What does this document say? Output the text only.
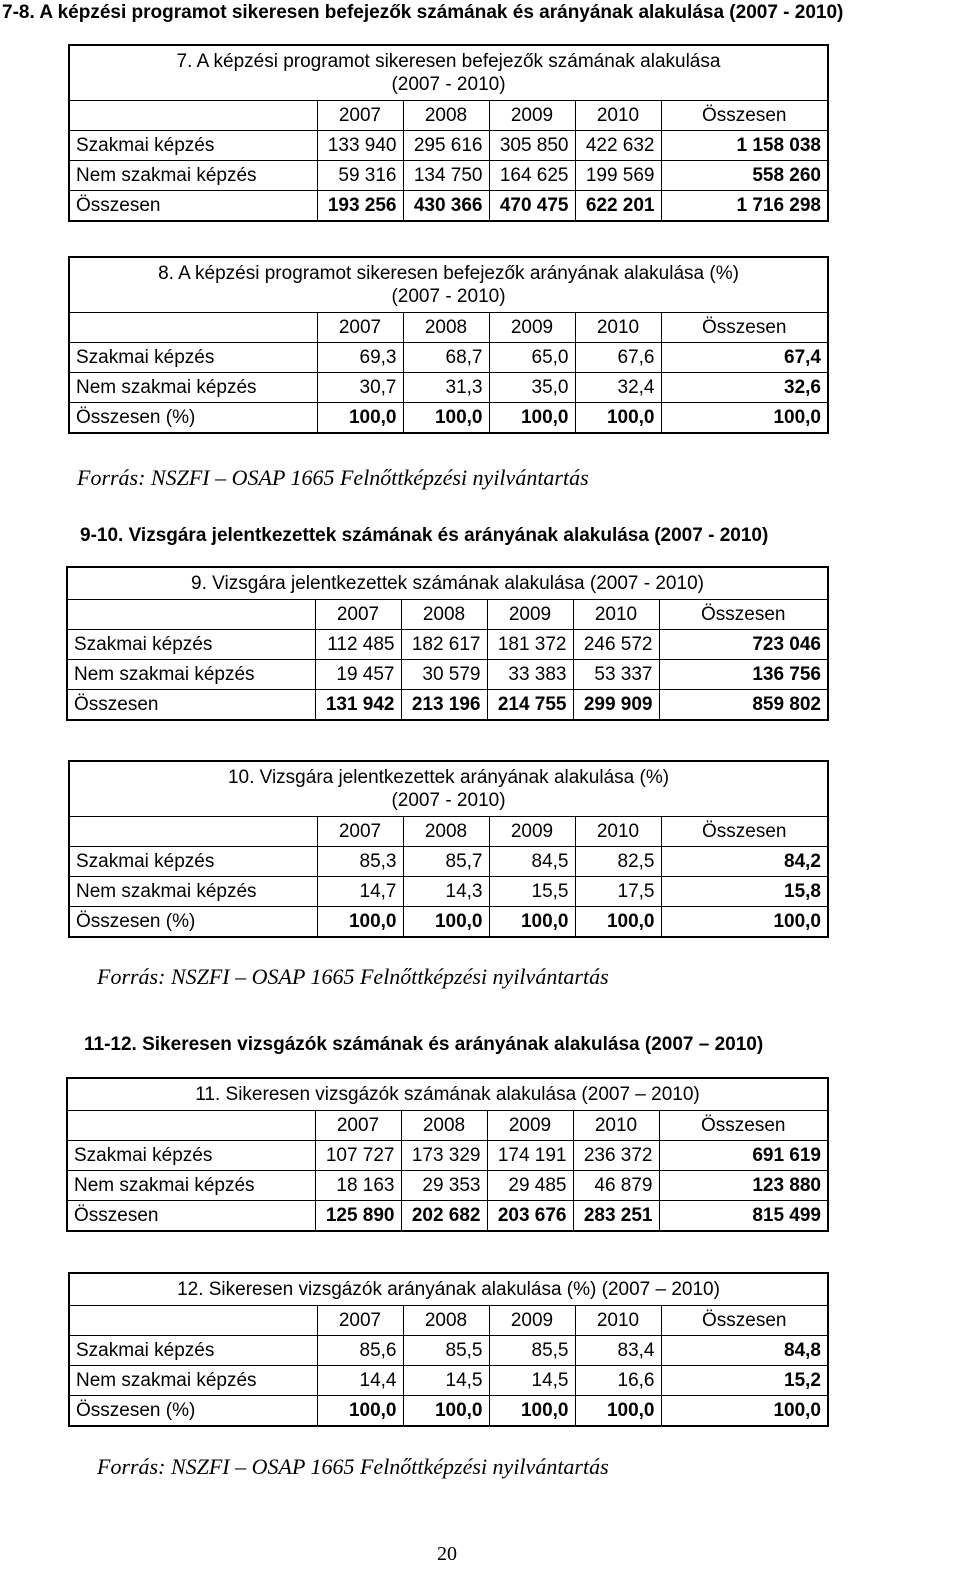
7-8. A képzési programot sikeresen befejezők számának és arányának alakulása (2007 - 2010)
7. A képzési programot sikeresen befejezők számának alakulása
(2007 - 2010)					

	2007	2008	2009	2010	Összesen
Szakmai képzés	133 940	295 616	305 850	422 632	1 158 038
Nem szakmai képzés	59 316	134 750	164 625	199 569	558 260
Összesen	193 256	430 366	470 475	622 201	1 716 298
8. A képzési programot sikeresen befejezők arányának alakulása (%)
(2007 - 2010)					

	2007	2008	2009	2010	Összesen
Szakmai képzés	69,3	68,7	65,0	67,6	67,4
Nem szakmai képzés	30,7	31,3	35,0	32,4	32,6
Összesen (%)	100,0	100,0	100,0	100,0	100,0
Forrás: NSZFI – OSAP 1665 Felnőttképzési nyilvántartás
9-10. Vizsgára jelentkezettek számának és arányának alakulása (2007 - 2010)
9. Vizsgára jelentkezettek számának alakulása (2007 - 2010)					

	2007	2008	2009	2010	Összesen
Szakmai képzés	112 485	182 617	181 372	246 572	723 046
Nem szakmai képzés	19 457	30 579	33 383	53 337	136 756
Összesen	131 942	213 196	214 755	299 909	859 802
10. Vizsgára jelentkezettek arányának alakulása (%)
(2007 - 2010)					

	2007	2008	2009	2010	Összesen
Szakmai képzés	85,3	85,7	84,5	82,5	84,2
Nem szakmai képzés	14,7	14,3	15,5	17,5	15,8
Összesen (%)	100,0	100,0	100,0	100,0	100,0
Forrás: NSZFI – OSAP 1665 Felnőttképzési nyilvántartás
11-12. Sikeresen vizsgázók számának és arányának alakulása (2007 – 2010)
11. Sikeresen vizsgázók számának alakulása (2007 – 2010)					

	2007	2008	2009	2010	Összesen
Szakmai képzés	107 727	173 329	174 191	236 372	691 619
Nem szakmai képzés	18 163	29 353	29 485	46 879	123 880
Összesen	125 890	202 682	203 676	283 251	815 499
12. Sikeresen vizsgázók arányának alakulása (%) (2007 – 2010)					

	2007	2008	2009	2010	Összesen
Szakmai képzés	85,6	85,5	85,5	83,4	84,8
Nem szakmai képzés	14,4	14,5	14,5	16,6	15,2
Összesen (%)	100,0	100,0	100,0	100,0	100,0
Forrás: NSZFI – OSAP 1665 Felnőttképzési nyilvántartás
20
